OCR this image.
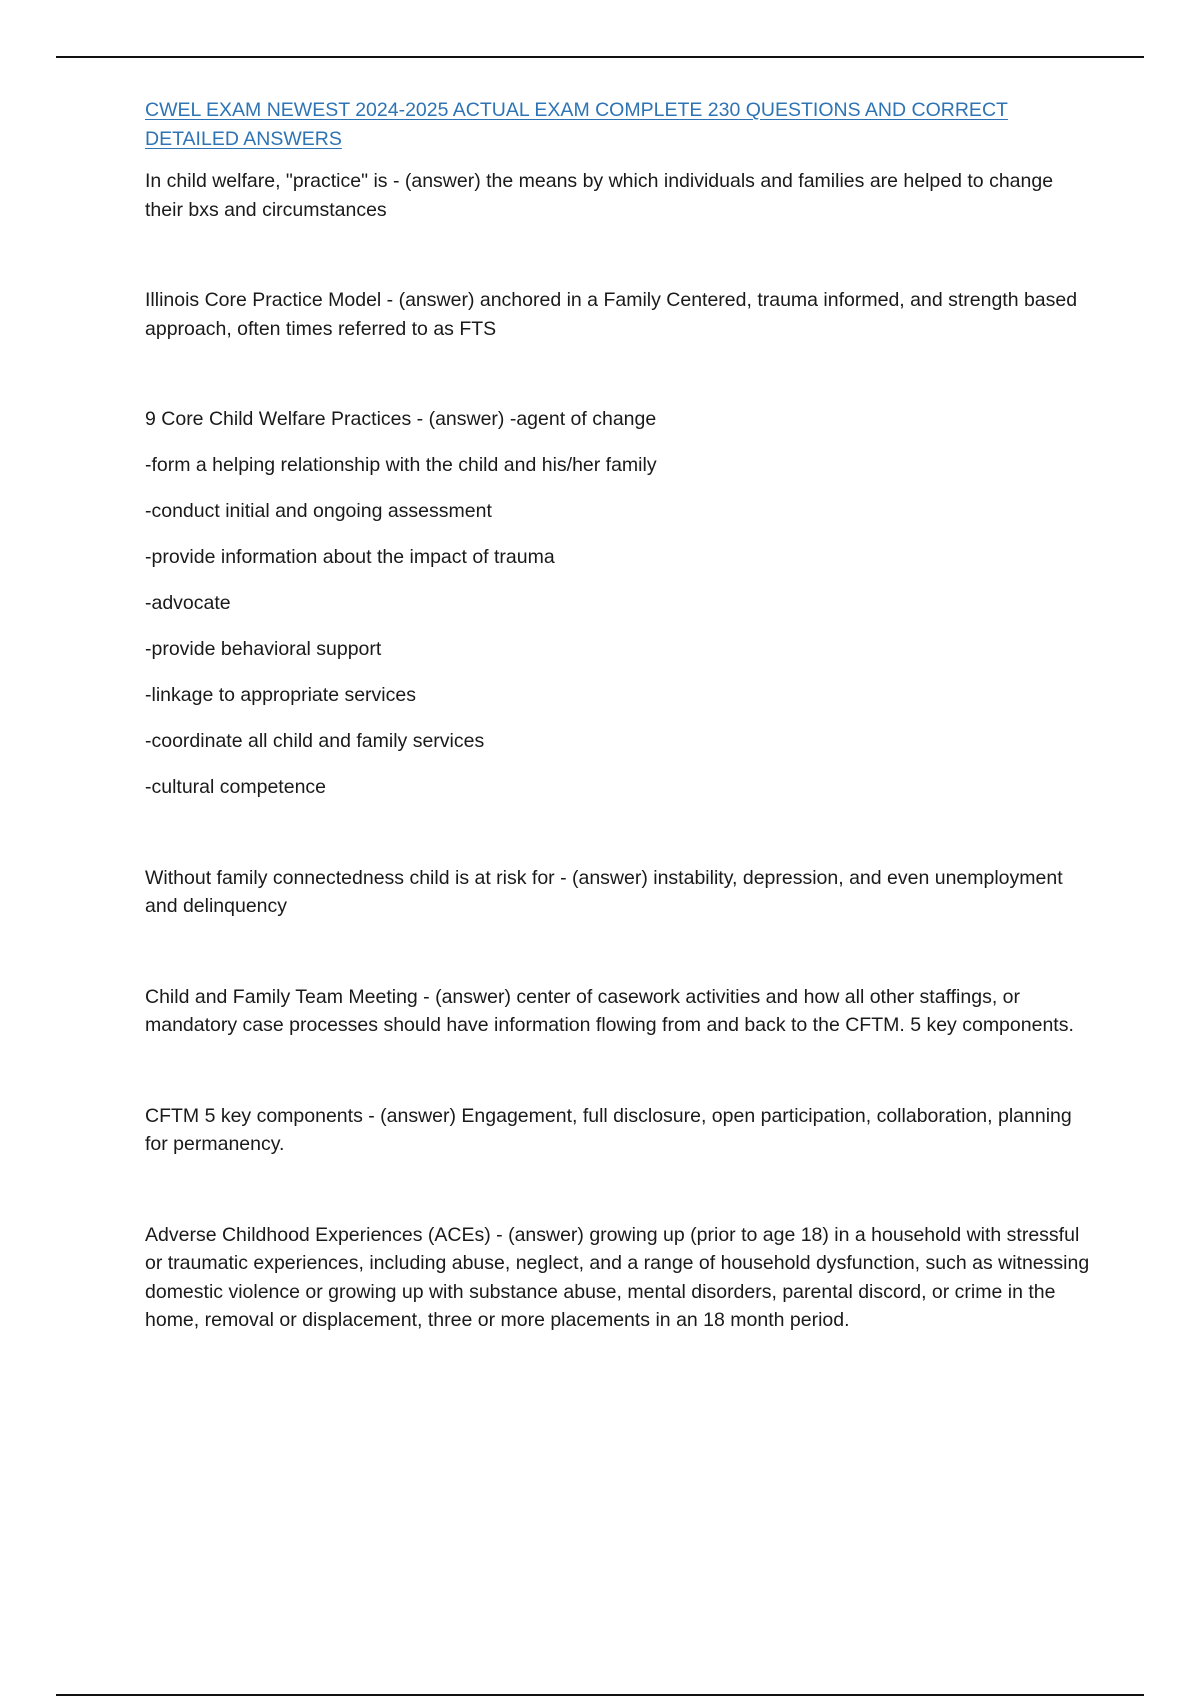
CWEL EXAM NEWEST 2024-2025 ACTUAL EXAM COMPLETE 230 QUESTIONS AND CORRECT DETAILED ANSWERS

In child welfare, "practice" is - (answer) the means by which individuals and families are helped to change their bxs and circumstances

Illinois Core Practice Model - (answer) anchored in a Family Centered, trauma informed, and strength based approach, often times referred to as FTS

9 Core Child Welfare Practices - (answer) -agent of change

-form a helping relationship with the child and his/her family

-conduct initial and ongoing assessment

-provide information about the impact of trauma

-advocate

-provide behavioral support

-linkage to appropriate services

-coordinate all child and family services

-cultural competence

Without family connectedness child is at risk for - (answer) instability, depression, and even unemployment and delinquency

Child and Family Team Meeting - (answer) center of casework activities and how all other staffings, or mandatory case processes should have information flowing from and back to the CFTM. 5 key components.

CFTM 5 key components - (answer) Engagement, full disclosure, open participation, collaboration, planning for permanency.

Adverse Childhood Experiences (ACEs) - (answer) growing up (prior to age 18) in a household with stressful or traumatic experiences, including abuse, neglect, and a range of household dysfunction, such as witnessing domestic violence or growing up with substance abuse, mental disorders, parental discord, or crime in the home, removal or displacement, three or more placements in an 18 month period.
